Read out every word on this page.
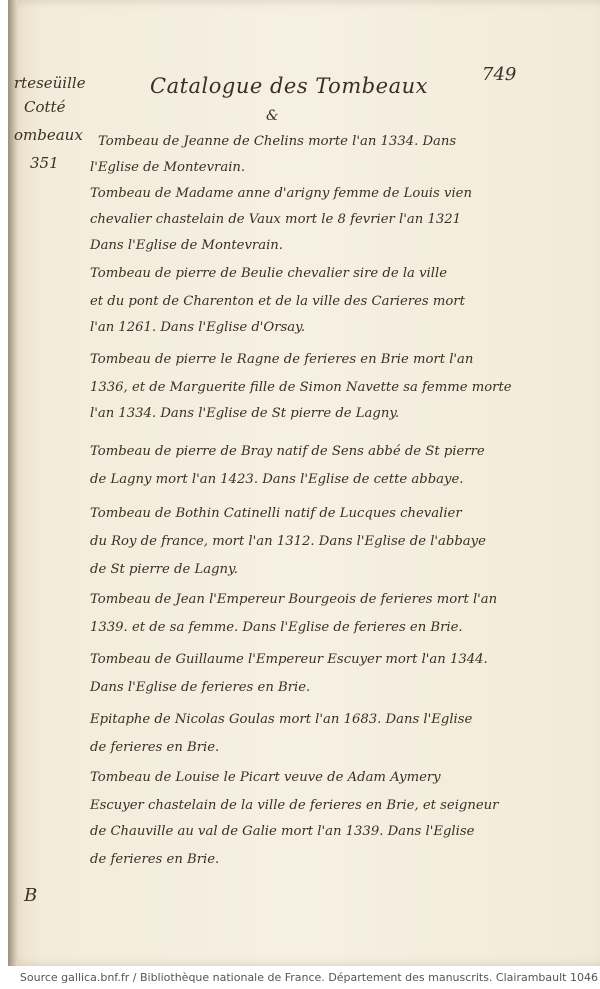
749
Catalogue des Tombeaux
&
rteseüille
Cotté
ombeaux
351
Tombeau de Jeanne de Chelins morte l'an 1334. Dans
l'Eglise de Montevrain.
Tombeau de Madame anne d'arigny femme de Louis vien
chevalier chastelain de Vaux mort le 8 fevrier l'an 1321
Dans l'Eglise de Montevrain.
Tombeau de pierre de Beulie chevalier sire de la ville
et du pont de Charenton et de la ville des Carieres mort
l'an 1261. Dans l'Eglise d'Orsay.
Tombeau de pierre le Ragne de ferieres en Brie mort l'an
1336, et de Marguerite fille de Simon Navette sa femme morte
l'an 1334. Dans l'Eglise de St pierre de Lagny.
Tombeau de pierre de Bray natif de Sens abbé de St pierre
de Lagny mort l'an 1423. Dans l'Eglise de cette abbaye.
Tombeau de Bothin Catinelli natif de Lucques chevalier
du Roy de france, mort l'an 1312. Dans l'Eglise de l'abbaye
de St pierre de Lagny.
Tombeau de Jean l'Empereur Bourgeois de ferieres mort l'an
1339. et de sa femme. Dans l'Eglise de ferieres en Brie.
Tombeau de Guillaume l'Empereur Escuyer mort l'an 1344.
Dans l'Eglise de ferieres en Brie.
Epitaphe de Nicolas Goulas mort l'an 1683. Dans l'Eglise
de ferieres en Brie.
Tombeau de Louise le Picart veuve de Adam Aymery
Escuyer chastelain de la ville de ferieres en Brie, et seigneur
de Chauville au val de Galie mort l'an 1339. Dans l'Eglise
de ferieres en Brie.
B
Source gallica.bnf.fr / Bibliothèque nationale de France. Département des manuscrits. Clairambault 1046
